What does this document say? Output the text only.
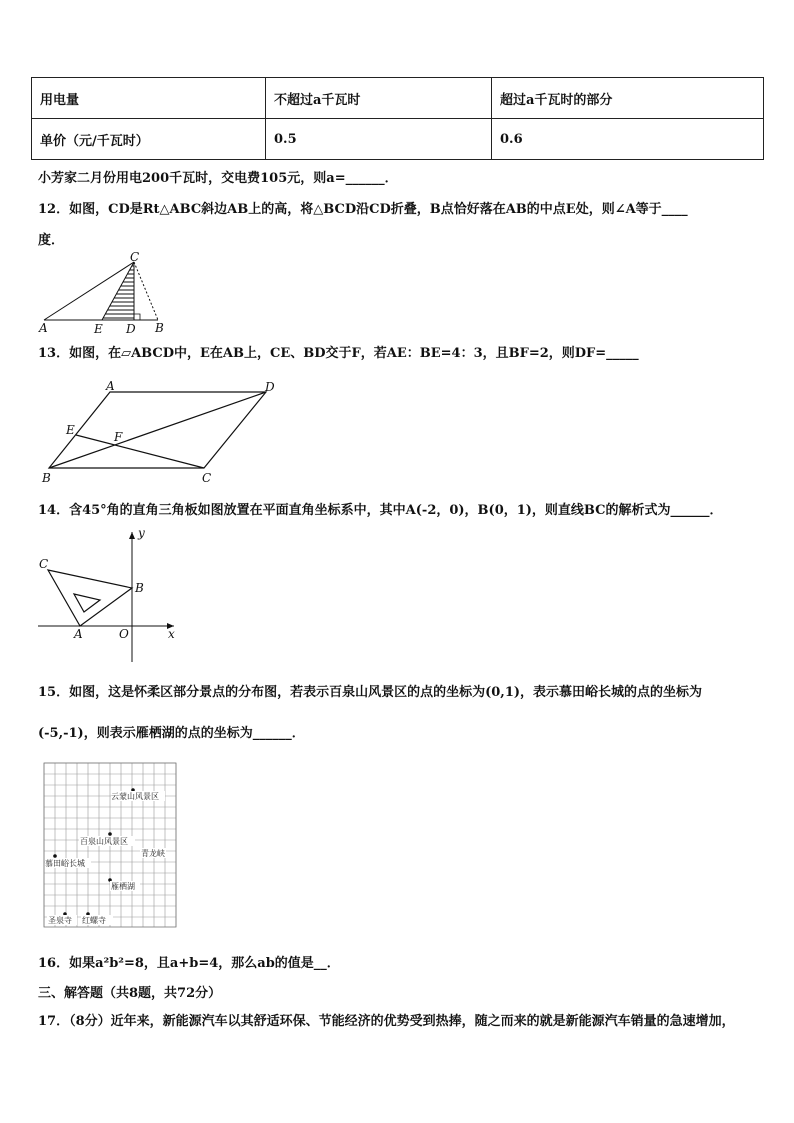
用电量	不超过a千瓦时	超过a千瓦时的部分
单价（元/千瓦时）	0.5	0.6
小芳家二月份用电200千瓦时，交电费105元，则a=______．
12．如图，CD是Rt△ABC斜边AB上的高，将△BCD沿CD折叠，B点恰好落在AB的中点E处，则∠A等于____
度．
C
A	E D B
13．如图，在▱ABCD中，E在AB上，CE、BD交于F，若AE：BE=4：3，且BF=2，则DF=_____
A	D
E	F
B	C
14．含45°角的直角三角板如图放置在平面直角坐标系中，其中A(-2，0)，B(0，1)，则直线BC的解析式为______．
y
C
B
A	O	x
15．如图，这是怀柔区部分景点的分布图，若表示百泉山风景区的点的坐标为(0,1)，表示慕田峪长城的点的坐标为
(-5,-1)，则表示雁栖湖的点的坐标为______．
云蒙山风景区
百泉山风景区
青龙峡
慕田峪长城
雁栖湖
圣泉寺 红螺寺
16．如果a²b²=8，且a+b=4，那么ab的值是__．
三、解答题（共8题，共72分）
17．（8分）近年来，新能源汽车以其舒适环保、节能经济的优势受到热捧，随之而来的就是新能源汽车销量的急速增加，
